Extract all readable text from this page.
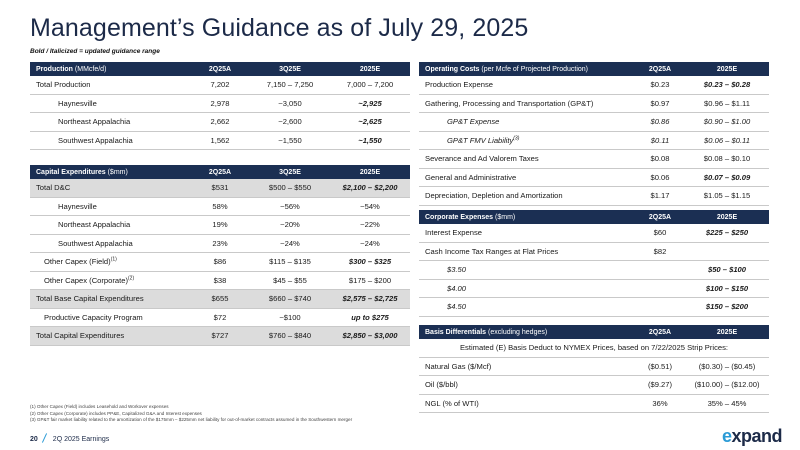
Management’s Guidance as of July 29, 2025
Bold / Italicized = updated guidance range
Production (MMcfe/d)	2Q25A	3Q25E	2025E
Total Production	7,202	7,150 – 7,250	7,000 – 7,200
Haynesville	2,978	~3,050	~2,925
Northeast Appalachia	2,662	~2,600	~2,625
Southwest Appalachia	1,562	~1,550	~1,550
Capital Expenditures ($mm)	2Q25A	3Q25E	2025E
Total D&C	$531	$500 – $550	$2,100 – $2,200
Haynesville	58%	~56%	~54%
Northeast Appalachia	19%	~20%	~22%
Southwest Appalachia	23%	~24%	~24%
Other Capex (Field)$^{(1)}$	$86	$115 – $135	$300 – $325
Other Capex (Corporate)$^{(2)}$	$38	$45 – $55	$175 – $200
Total Base Capital Expenditures	$655	$660 – $740	$2,575 – $2,725
Productive Capacity Program	$72	~$100	up to $275
Total Capital Expenditures	$727	$760 – $840	$2,850 – $3,000
Operating Costs (per Mcfe of Projected Production)	2Q25A	2025E
Production Expense	$0.23	$0.23 – $0.28
Gathering, Processing and Transportation (GP&T)	$0.97	$0.96 – $1.11
GP&T Expense	$0.86	$0.90 – $1.00
GP&T FMV Liability$^{(3)}$	$0.11	$0.06 – $0.11
Severance and Ad Valorem Taxes	$0.08	$0.08 – $0.10
General and Administrative	$0.06	$0.07 – $0.09
Depreciation, Depletion and Amortization	$1.17	$1.05 – $1.15
Corporate Expenses ($mm)	2Q25A	2025E
Interest Expense	$60	$225 – $250
Cash Income Tax Ranges at Flat Prices	$82	
$3.50		$50 – $100
$4.00		$100 – $150
$4.50		$150 – $200
Basis Differentials (excluding hedges)	2Q25A	2025E
Estimated (E) Basis Deduct to NYMEX Prices, based on 7/22/2025 Strip Prices:		
Natural Gas ($/Mcf)	($0.51)	($0.30) – ($0.45)
Oil ($/bbl)	($9.27)	($10.00) – ($12.00)
NGL (% of WTI)	36%	35% – 45%
(1) Other Capex (Field) includes Leasehold and Workover expenses
(2) Other Capex (Corporate) includes PP&E, Capitalized G&A and Interest expenses
(3) GP&T fair market liability related to the amortization of the $175mm – $225mm net liability for out-of-market contracts assumed in the Southwestern merger
20 2Q 2025 Earnings	expand
